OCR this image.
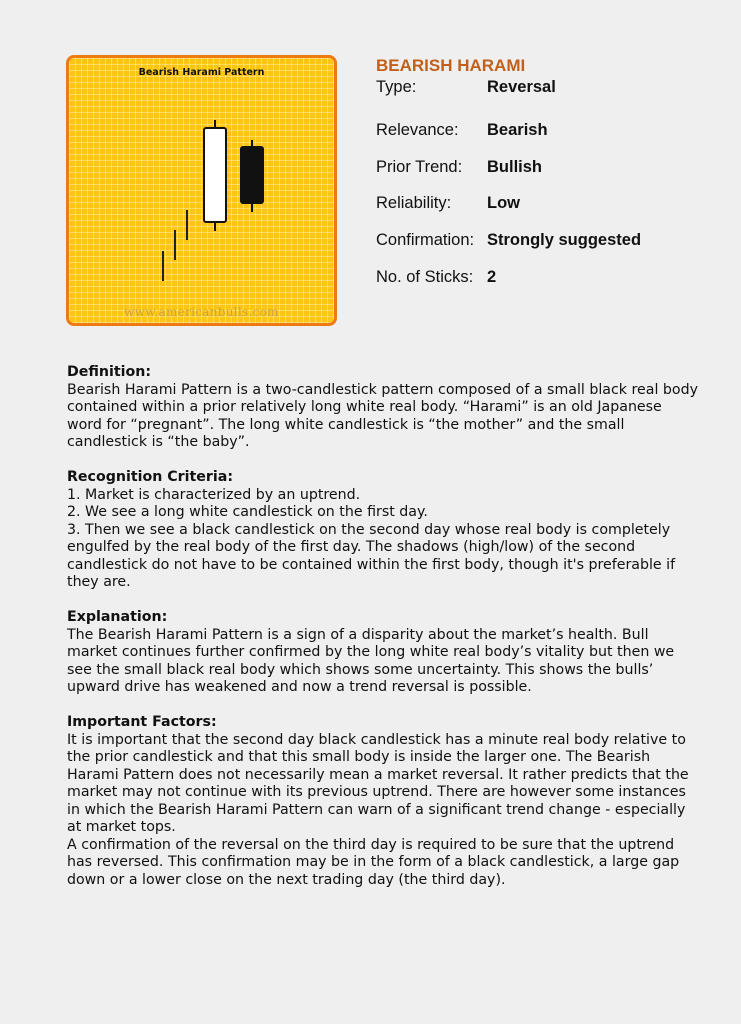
Bearish Harami Pattern
www.americanbulls.com
BEARISH HARAMI
Type:	Reversal
Relevance: Bearish
Prior Trend: Bullish
Reliability: Low
Confirmation: Strongly suggested
No. of Sticks: 2
Definition:

Bearish Harami Pattern is a two-candlestick pattern composed of a small black real body

contained within a prior relatively long white real body. “Harami” is an old Japanese

word for “pregnant”. The long white candlestick is “the mother” and the small

candlestick is “the baby”.

Recognition Criteria:

1. Market is characterized by an uptrend.

2. We see a long white candlestick on the first day.

3. Then we see a black candlestick on the second day whose real body is completely

engulfed by the real body of the first day. The shadows (high/low) of the second

candlestick do not have to be contained within the first body, though it's preferable if

they are.

Explanation:

The Bearish Harami Pattern is a sign of a disparity about the market’s health. Bull

market continues further confirmed by the long white real body’s vitality but then we

see the small black real body which shows some uncertainty. This shows the bulls’

upward drive has weakened and now a trend reversal is possible.

Important Factors:

It is important that the second day black candlestick has a minute real body relative to

the prior candlestick and that this small body is inside the larger one. The Bearish

Harami Pattern does not necessarily mean a market reversal. It rather predicts that the

market may not continue with its previous uptrend. There are however some instances

in which the Bearish Harami Pattern can warn of a significant trend change - especially

at market tops.

A confirmation of the reversal on the third day is required to be sure that the uptrend

has reversed. This confirmation may be in the form of a black candlestick, a large gap

down or a lower close on the next trading day (the third day).
